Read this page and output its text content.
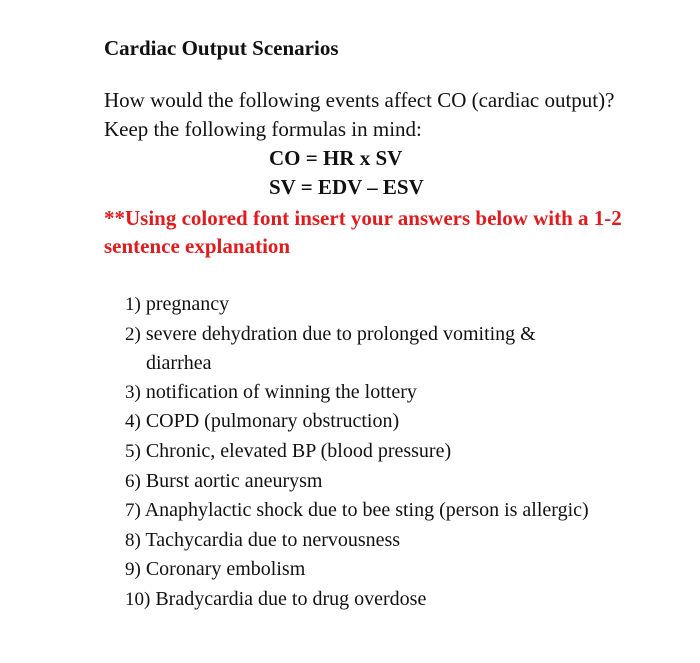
Cardiac Output Scenarios

How would the following events affect CO (cardiac output)? Keep the following formulas in mind:

CO = HR x SV
SV = EDV – ESV
**Using colored font insert your answers below with a 1-2 sentence explanation
1) pregnancy
2) severe dehydration due to prolonged vomiting & diarrhea
3) notification of winning the lottery
4) COPD (pulmonary obstruction)
5) Chronic, elevated BP (blood pressure)
6) Burst aortic aneurysm
7) Anaphylactic shock due to bee sting (person is allergic)
8) Tachycardia due to nervousness
9) Coronary embolism
10) Bradycardia due to drug overdose
